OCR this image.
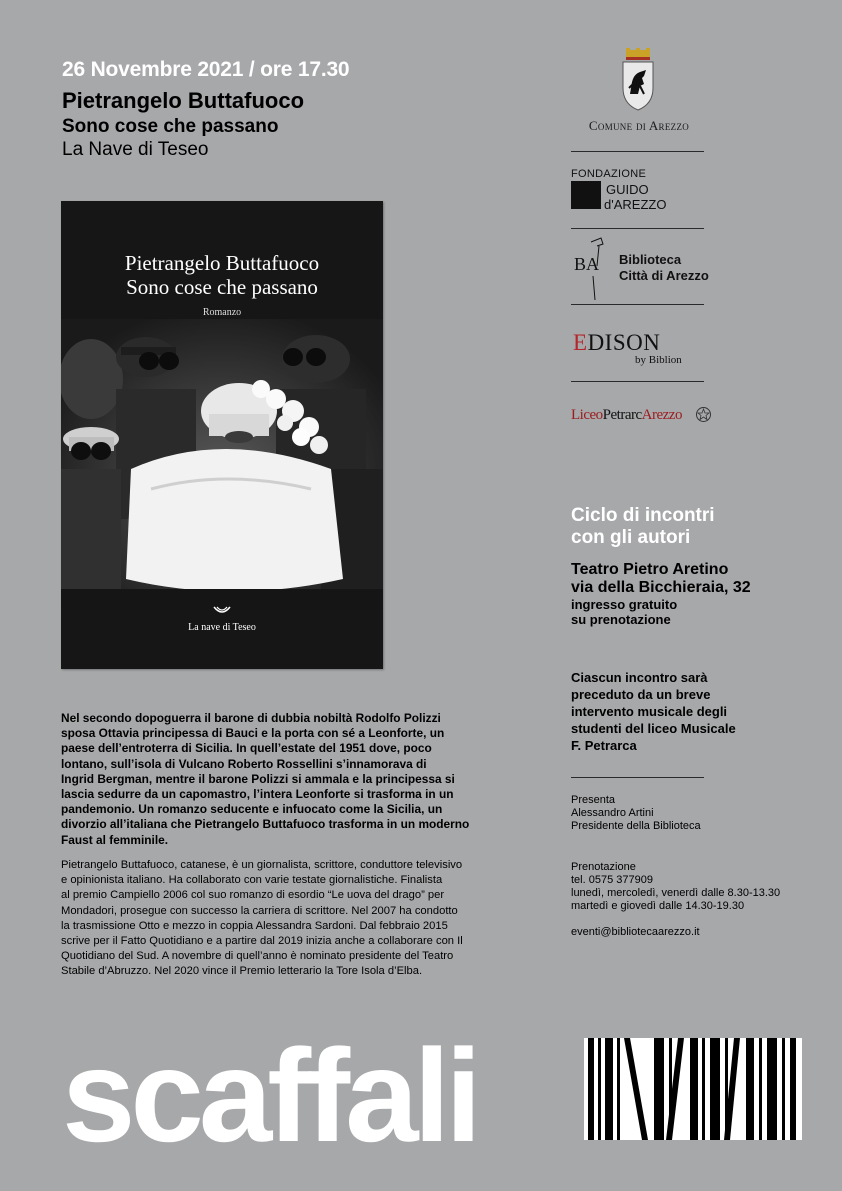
26 Novembre 2021 / ore 17.30
Pietrangelo Buttafuoco
Sono cose che passano
La Nave di Teseo
Pietrangelo Buttafuoco
Sono cose che passano
Romanzo
La nave di Teseo
Comune di Arezzo
FONDAZIONE
GUIDO
d'AREZZO
BA Biblioteca
Città di Arezzo
EDISON
by Biblion
LiceoPetrarcArezzo
Ciclo di incontri
con gli autori
Teatro Pietro Aretino
via della Bicchieraia, 32
ingresso gratuito
su prenotazione
Ciascun incontro sarà
preceduto da un breve
intervento musicale degli
studenti del liceo Musicale
F. Petrarca
Presenta
Alessandro Artini
Presidente della Biblioteca
Prenotazione
tel. 0575 377909
lunedì, mercoledì, venerdì dalle 8.30-13.30
martedì e giovedì dalle 14.30-19.30
eventi@bibliotecaarezzo.it
Nel secondo dopoguerra il barone di dubbia nobiltà Rodolfo Polizzi
sposa Ottavia principessa di Bauci e la porta con sé a Leonforte, un
paese dell’entroterra di Sicilia. In quell’estate del 1951 dove, poco
lontano, sull’isola di Vulcano Roberto Rossellini s’innamorava di
Ingrid Bergman, mentre il barone Polizzi si ammala e la principessa si
lascia sedurre da un capomastro, l’intera Leonforte si trasforma in un
pandemonio. Un romanzo seducente e infuocato come la Sicilia, un
divorzio all’italiana che Pietrangelo Buttafuoco trasforma in un moderno
Faust al femminile.
Pietrangelo Buttafuoco, catanese, è un giornalista, scrittore, conduttore televisivo
e opinionista italiano. Ha collaborato con varie testate giornalistiche. Finalista
al premio Campiello 2006 col suo romanzo di esordio “Le uova del drago” per
Mondadori, prosegue con successo la carriera di scrittore. Nel 2007 ha condotto
la trasmissione Otto e mezzo in coppia Alessandra Sardoni. Dal febbraio 2015
scrive per il Fatto Quotidiano e a partire dal 2019 inizia anche a collaborare con Il
Quotidiano del Sud. A novembre di quell’anno è nominato presidente del Teatro
Stabile d’Abruzzo. Nel 2020 vince il Premio letterario la Tore Isola d’Elba.
scaffali
